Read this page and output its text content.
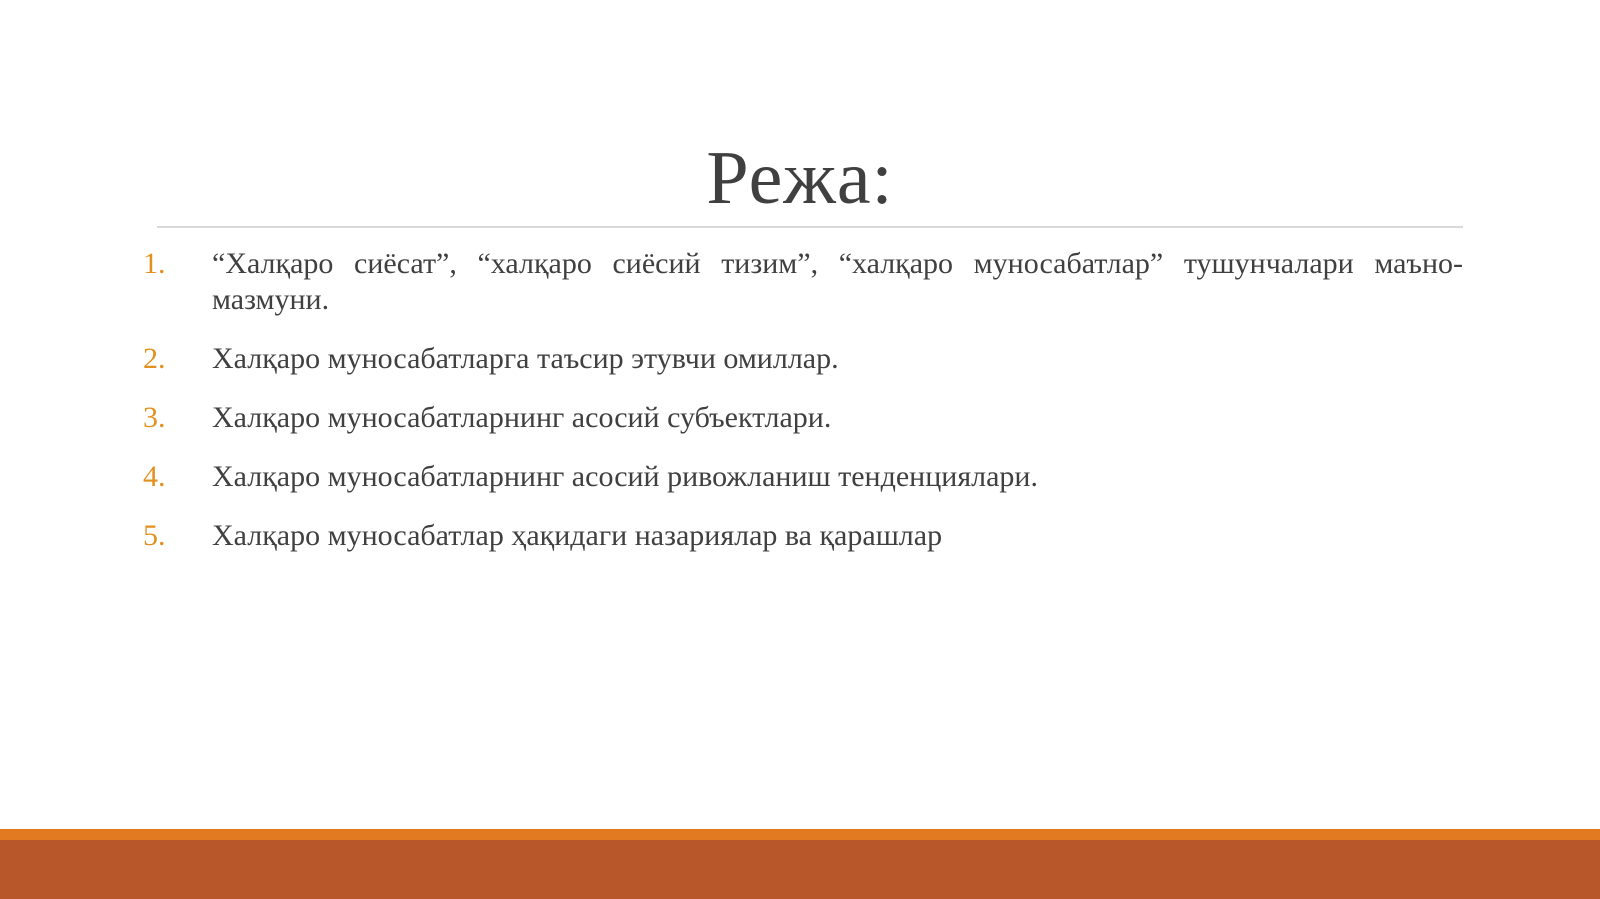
Режа:
1. “Халқаро сиёсат”, “халқаро сиёсий тизим”, “халқаро муносабатлар” тушунчалари маъно-мазмуни.
2. Халқаро муносабатларга таъсир этувчи омиллар.
3. Халқаро муносабатларнинг асосий субъектлари.
4. Халқаро муносабатларнинг асосий ривожланиш тенденциялари.
5. Халқаро муносабатлар ҳақидаги назариялар ва қарашлар
